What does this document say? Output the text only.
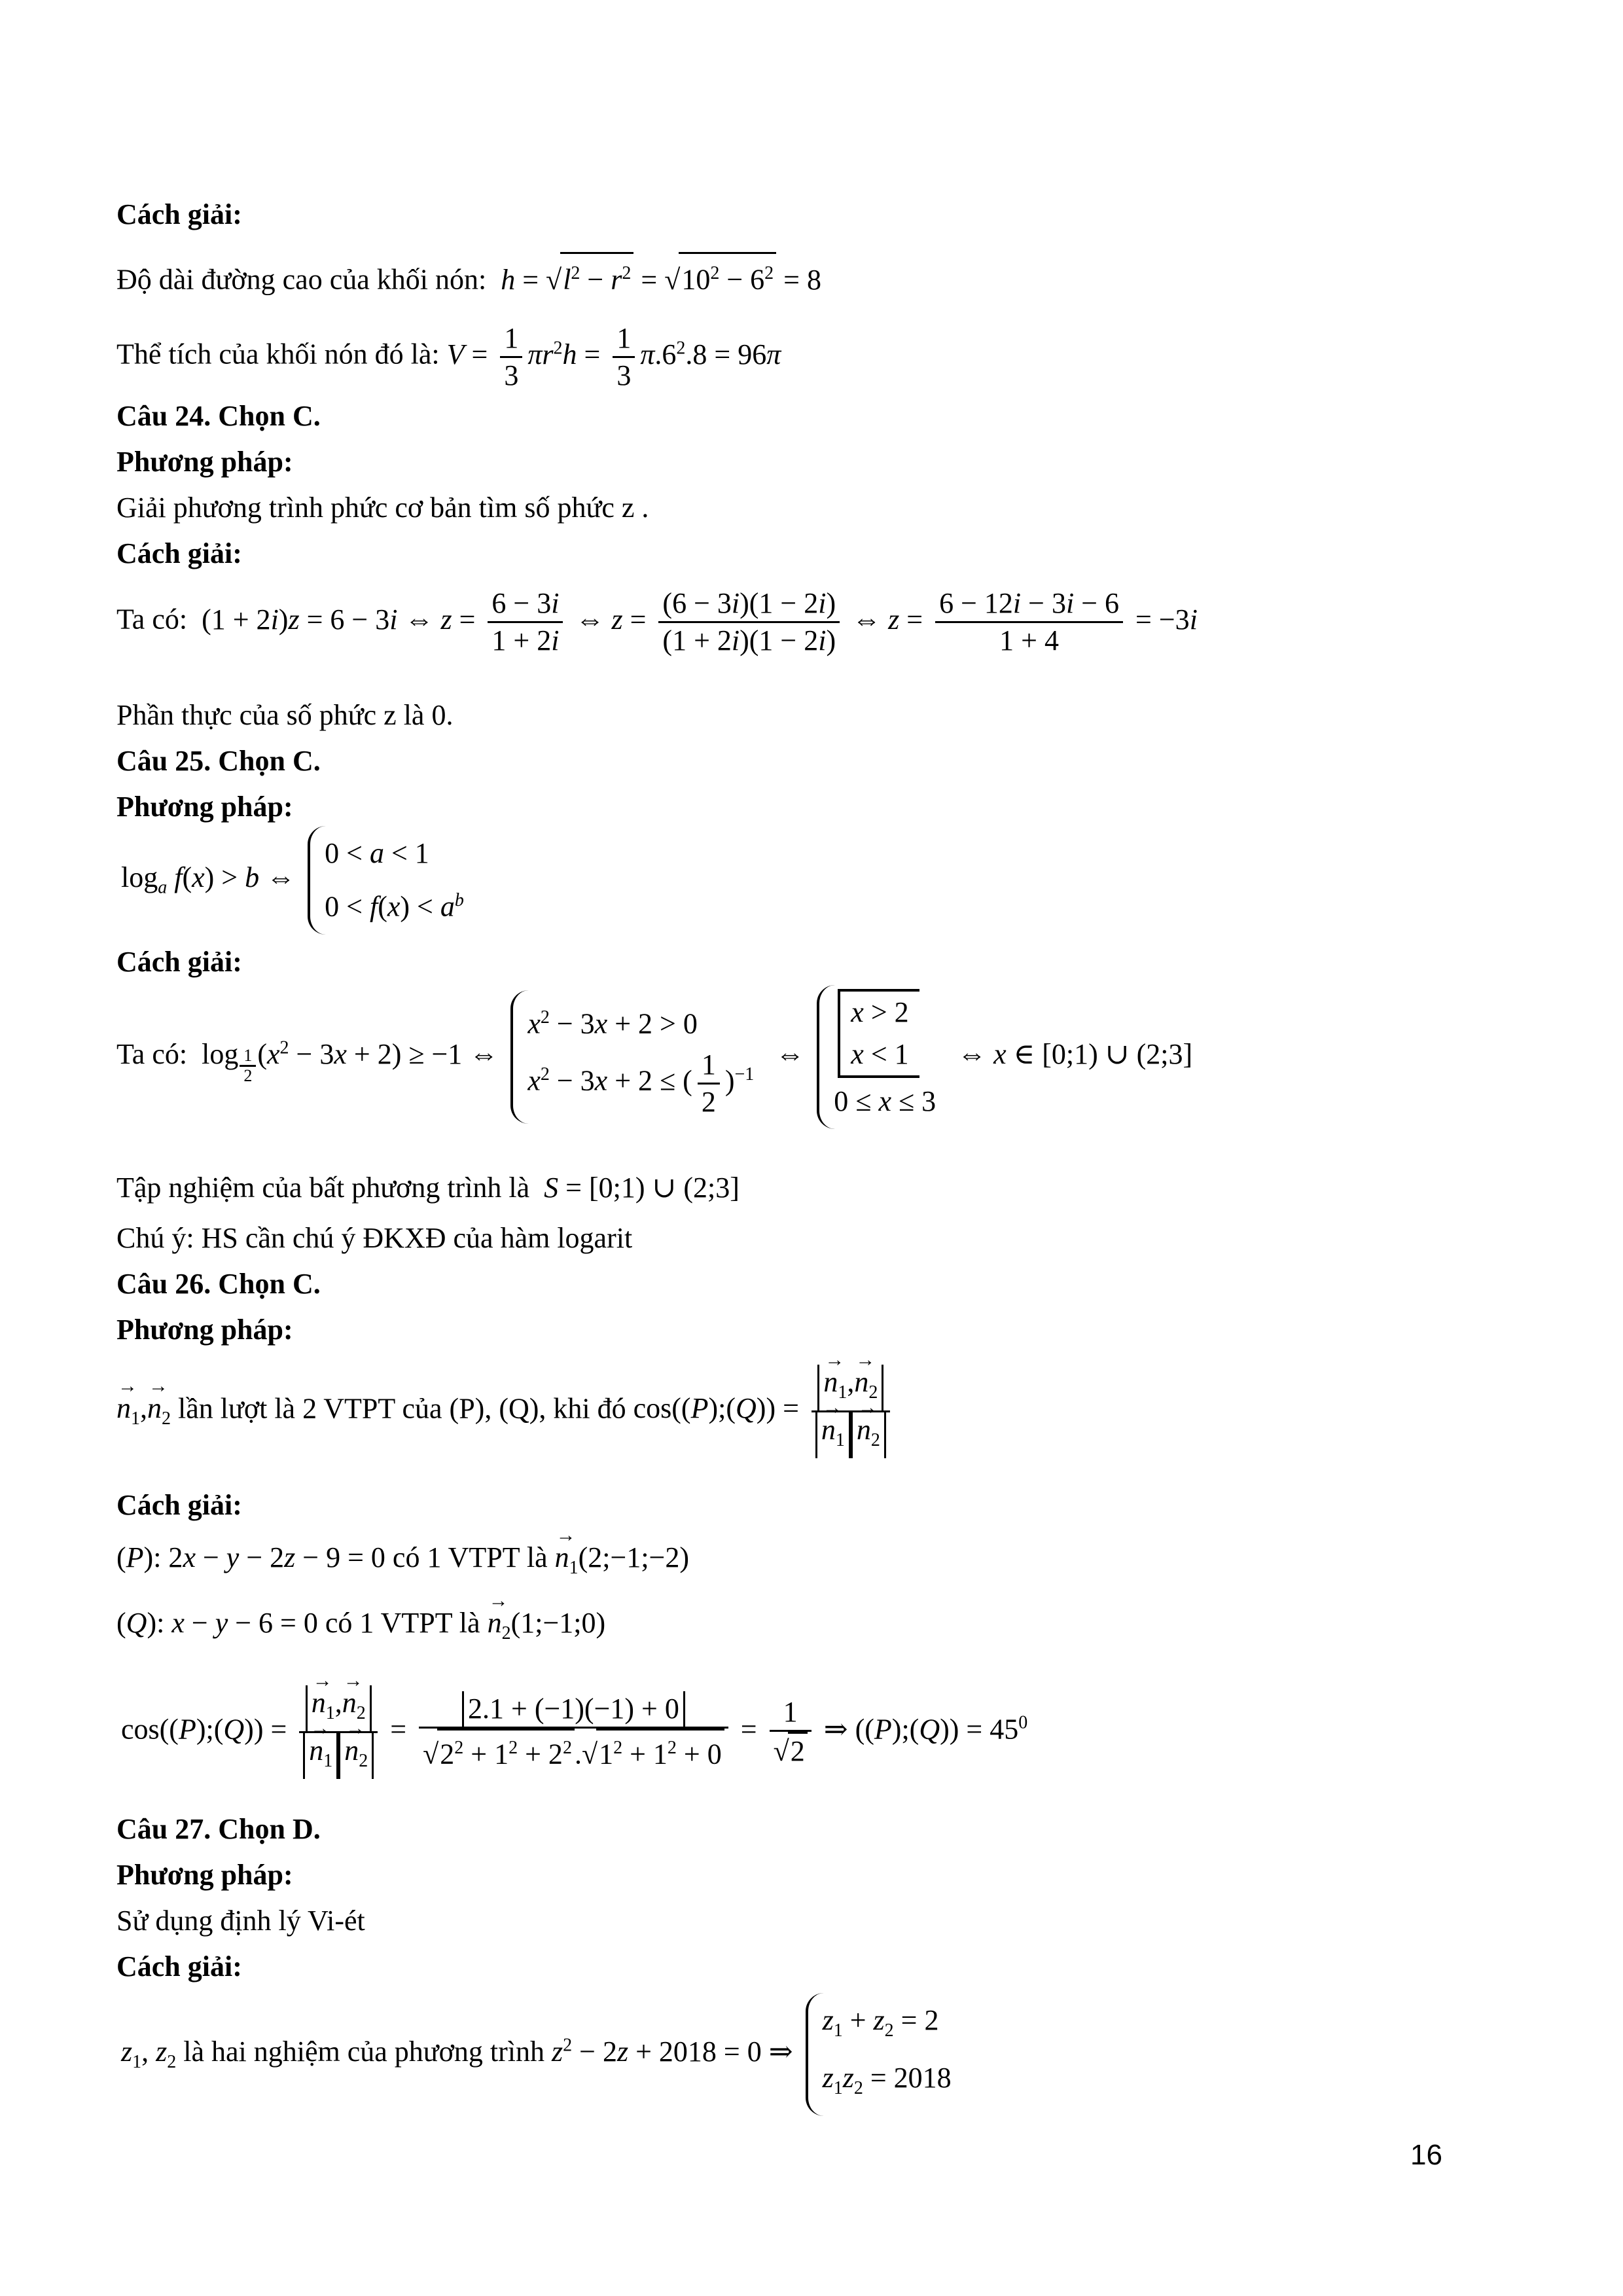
Cách giải:
Độ dài đường cao của khối nón: $h = √l^2 - r^2 = √10^2 - 6^2 = 8$
Thể tích của khối nón đó là: $V = \frac{1}{3} \pi r^2h = \frac{1}{3} \pi.6^2.8 = 96\pi$
Câu 24. Chọn C.
Phương pháp:
Giải phương trình phức cơ bản tìm số phức z .
Cách giải:
Ta có:  (1 + 2i)z = 6 − 3i ⇔ $z = \frac{6 - 3i}{1 + 2i}$ ⇔ $z = \frac{(6 - 3i)(1 - 2i)}{(1 + 2i)(1 - 2i)}$ ⇔ $z = \frac{6 - 12i - 3i - 6}{1 + 4} = -3i$
Phần thực của số phức z là 0.
Câu 25. Chọn C.
Phương pháp:
$\log_a f(x) > b$ ⇔
0 < a < 1
$0 < f(x) < a^b$
Cách giải:
Ta có:  log $_{\frac{1}{2}}$ $(x^2 - 3x + 2) \ge -1$ ⇔
$x^2 - 3x + 2 > 0$
$x^2 - 3x + 2$ ≤ ( $\frac{1}{2} )^{-1}$
⇔
x > 2
x < 1
0 ≤ x ≤ 3
⇔ x ∈ [0;1) ∪ (2;3]
Tập nghiệm của bất phương trình là S = [0;1) ∪ (2;3]
Chú ý: HS cần chú ý ĐKXĐ của hàm logarit
Câu 26. Chọn C.
Phương pháp:
→ $n_1,\to n_2$ lần lượt là 2 VTPT của (P), (Q), khi đó cos((P);(Q)) = → $n_1,\to n_2$
→ $n_1 \to n_2$
Cách giải:
(P): 2x − y − 2z − 9 = 0 có 1 VTPT là → $n_1(2;-1;-2)$
(Q): x − y − 6 = 0 có 1 VTPT là → $n_2(1;-1;0)$
cos((P);(Q)) = → $n_1,\to n_2$
→ $n_1 \to n_2 = \frac{2.1 + (-1)(-1) + 0}{√2^2 + 1^2 + 2^2.√1^2 + 1^2 + 0} = \frac{1}{√2}$ ⇒ ((P);(Q)) = $45^0$
Câu 27. Chọn D.
Phương pháp:
Sử dụng định lý Vi-ét
Cách giải:
$z_1$, $z_2$ là hai nghiệm của phương trình $z^2 - 2z + 2018 = 0$ ⇒
$z_1 + z_2 = 2$
$z_1z_2 = 2018$
16
